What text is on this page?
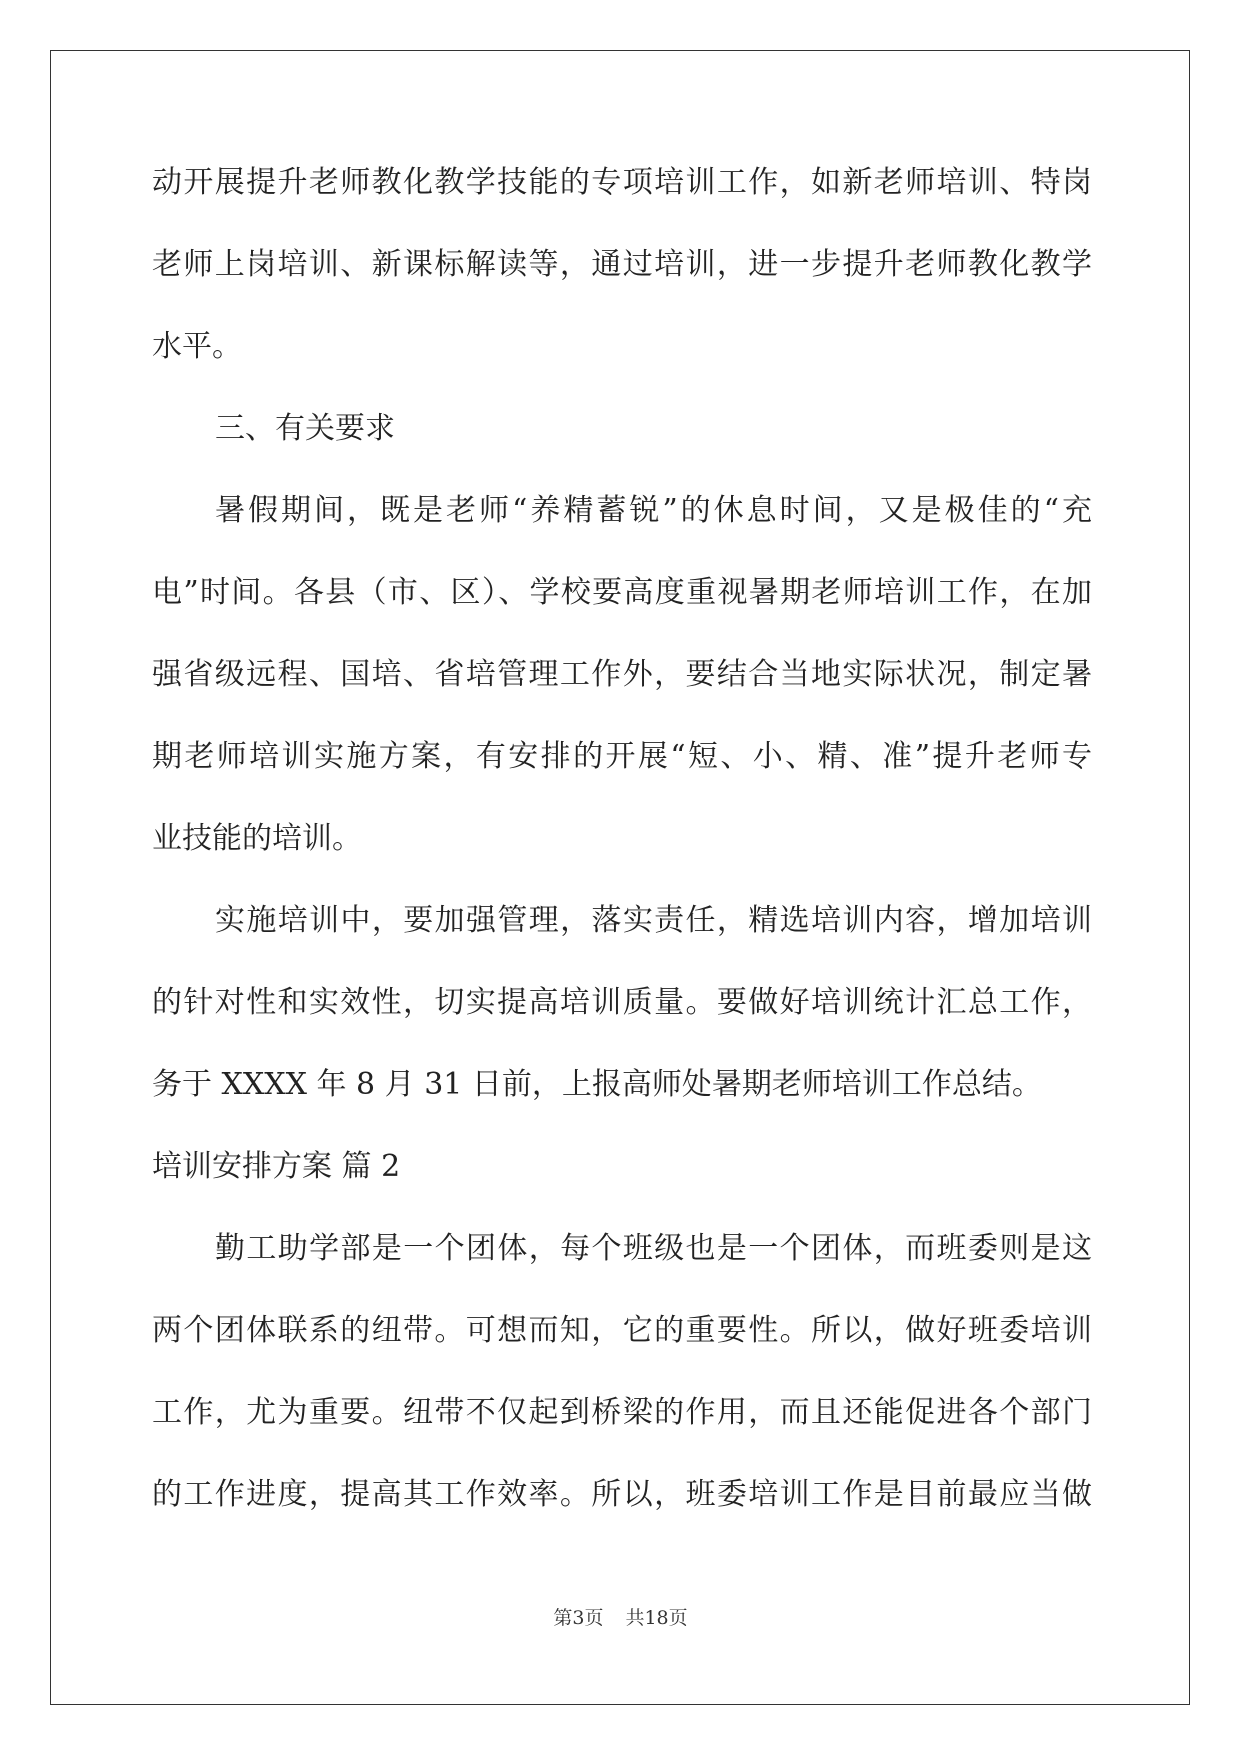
动开展提升老师教化教学技能的专项培训工作，如新老师培训、特岗
老师上岗培训、新课标解读等，通过培训，进一步提升老师教化教学
水平。
三、有关要求
暑假期间，既是老师“养精蓄锐”的休息时间，又是极佳的“充
电”时间。各县（市、区）、学校要高度重视暑期老师培训工作，在加
强省级远程、国培、省培管理工作外，要结合当地实际状况，制定暑
期老师培训实施方案，有安排的开展“短、小、精、准”提升老师专
业技能的培训。
实施培训中，要加强管理，落实责任，精选培训内容，增加培训
的针对性和实效性，切实提高培训质量。要做好培训统计汇总工作，
务于 XXXX 年 8 月 31 日前，上报高师处暑期老师培训工作总结。
培训安排方案 篇 2
勤工助学部是一个团体，每个班级也是一个团体，而班委则是这
两个团体联系的纽带。可想而知，它的重要性。所以，做好班委培训
工作，尤为重要。纽带不仅起到桥梁的作用，而且还能促进各个部门
的工作进度，提高其工作效率。所以，班委培训工作是目前最应当做
第3页 共18页
